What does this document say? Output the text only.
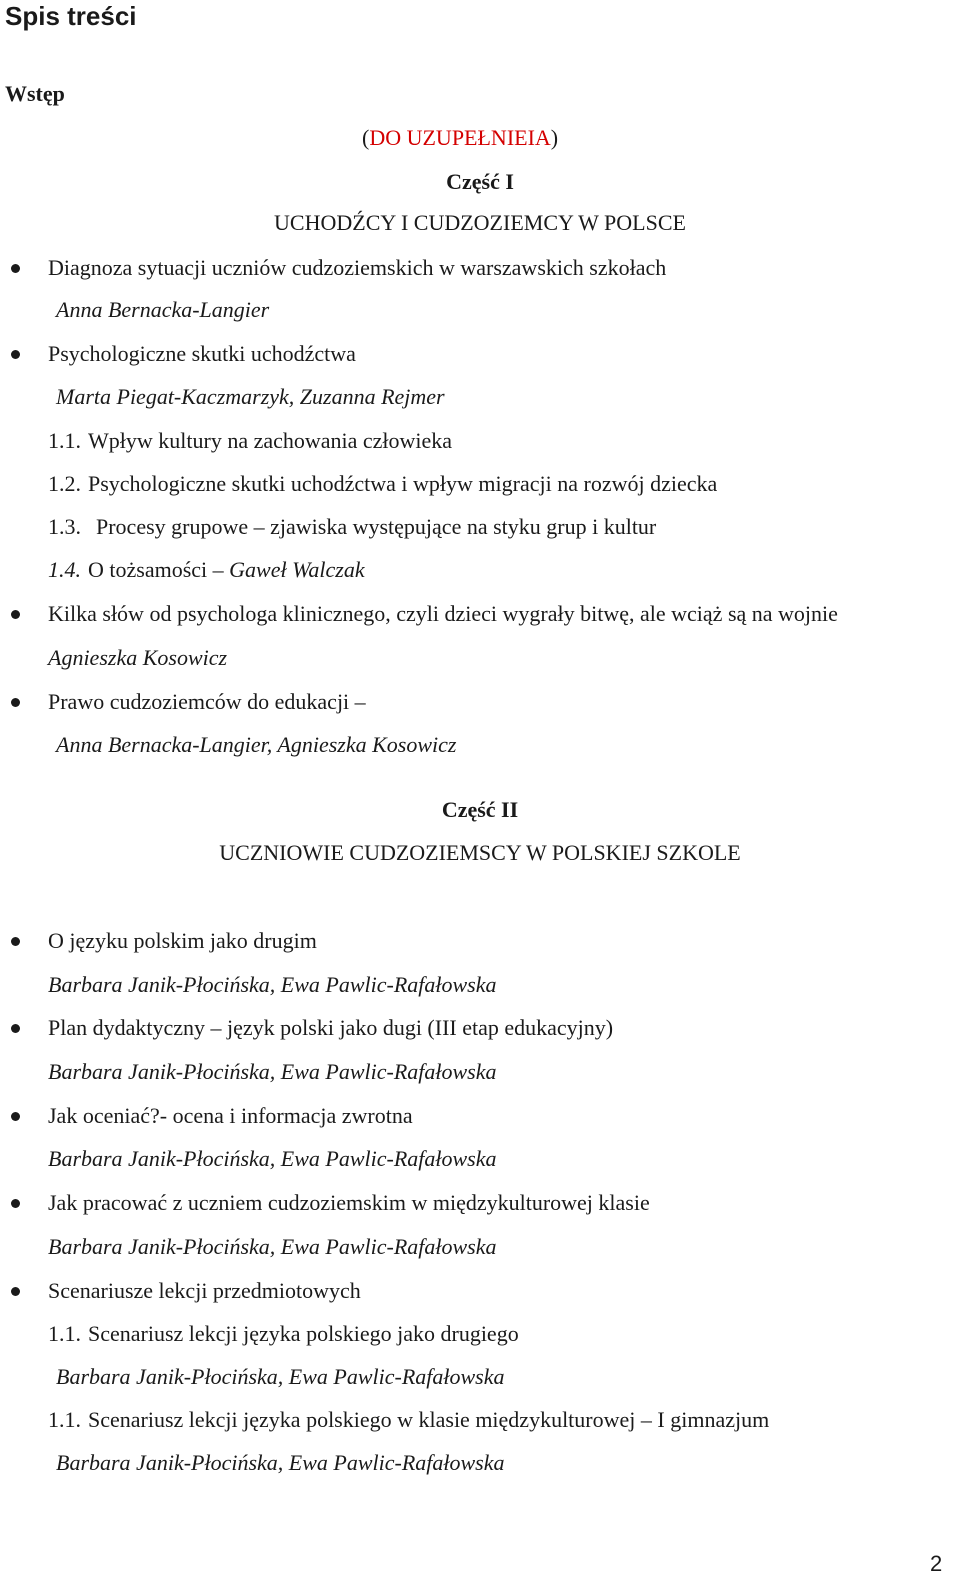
Spis treści
Wstęp
(DO UZUPEŁNIEIA)
Część I
UCHODŹCY I CUDZOZIEMCY W POLSCE
Diagnoza sytuacji uczniów cudzoziemskich w warszawskich szkołach
Anna Bernacka-Langier
Psychologiczne skutki uchodźctwa
Marta Piegat-Kaczmarzyk, Zuzanna Rejmer
1.1. Wpływ kultury na zachowania człowieka
1.2. Psychologiczne skutki uchodźctwa i wpływ migracji na rozwój dziecka
1.3. Procesy grupowe – zjawiska występujące na styku grup i kultur
1.4. O tożsamości – Gaweł Walczak
Kilka słów od psychologa klinicznego, czyli dzieci wygrały bitwę, ale wciąż są na wojnie
Agnieszka Kosowicz
Prawo cudzoziemców do edukacji –
Anna Bernacka-Langier, Agnieszka Kosowicz
Część II
UCZNIOWIE CUDZOZIEMSCY W POLSKIEJ SZKOLE
O języku polskim jako drugim
Barbara Janik-Płocińska, Ewa Pawlic-Rafałowska
Plan dydaktyczny – język polski jako dugi (III etap edukacyjny)
Barbara Janik-Płocińska, Ewa Pawlic-Rafałowska
Jak oceniać?- ocena i informacja zwrotna
Barbara Janik-Płocińska, Ewa Pawlic-Rafałowska
Jak pracować z uczniem cudzoziemskim w międzykulturowej klasie
Barbara Janik-Płocińska, Ewa Pawlic-Rafałowska
Scenariusze lekcji przedmiotowych
1.1. Scenariusz lekcji języka polskiego jako drugiego
Barbara Janik-Płocińska, Ewa Pawlic-Rafałowska
1.1. Scenariusz lekcji języka polskiego w klasie międzykulturowej – I gimnazjum
Barbara Janik-Płocińska, Ewa Pawlic-Rafałowska
2
